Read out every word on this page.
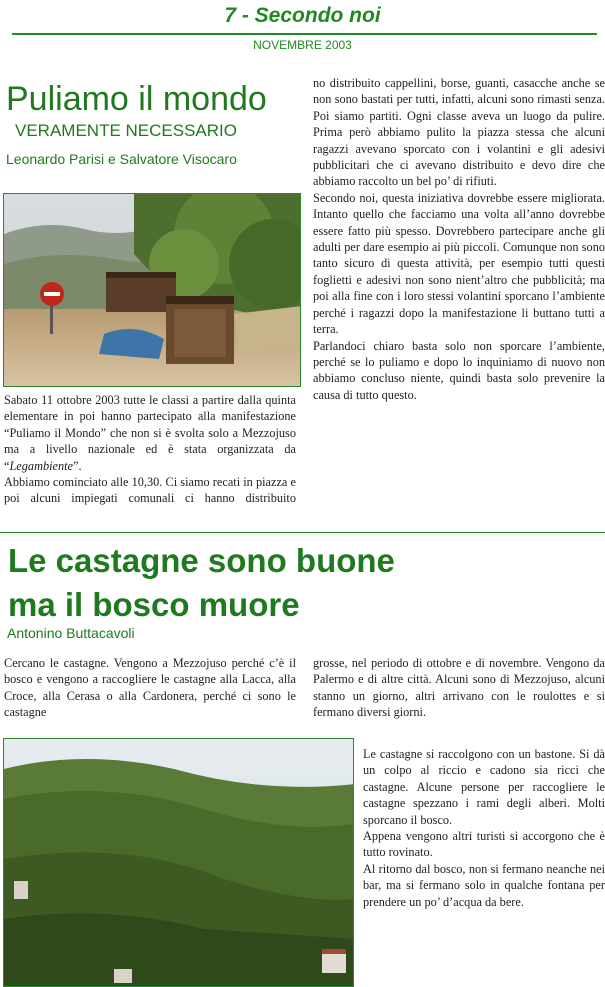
7 - Secondo noi
NOVEMBRE 2003
Puliamo il mondo
VERAMENTE NECESSARIO
Leonardo Parisi e Salvatore Visocaro

Sabato 11 ottobre 2003 tutte le classi a partire dalla quinta elementare in poi hanno partecipato alla manifestazione “Puliamo il Mondo” che non si è svolta solo a Mezzojuso ma a livello nazionale ed è stata organizzata da “Legambiente”.

Abbiamo cominciato alle 10,30. Ci siamo recati in piazza e poi alcuni impiegati comunali ci hanno distribuito

no distribuito cappellini, borse, guanti, casacche anche se non sono bastati per tutti, infatti, alcuni sono rimasti senza. Poi siamo partiti. Ogni classe aveva un luogo da pulire. Prima però abbiamo pulito la piazza stessa che alcuni ragazzi avevano sporcato con i volantini e gli adesivi pubblicitari che ci avevano distribuito e devo dire che abbiamo raccolto un bel po’ di rifiuti.

Secondo noi, questa iniziativa dovrebbe essere migliorata. Intanto quello che facciamo una volta all’anno dovrebbe essere fatto più spesso. Dovrebbero partecipare anche gli adulti per dare esempio ai più piccoli. Comunque non sono tanto sicuro di questa attività, per esempio tutti questi foglietti e adesivi non sono nient’altro che pubblicità; ma poi alla fine con i loro stessi volantini sporcano l’ambiente perché i ragazzi dopo la manifestazione li buttano tutti a terra.

Parlandoci chiaro basta solo non sporcare l’ambiente, perché se lo puliamo e dopo lo inquiniamo di nuovo non abbiamo concluso niente, quindi basta solo prevenire la causa di tutto questo.

Le castagne sono buone
ma il bosco muore
Antonino Buttacavoli

Cercano le castagne. Vengono a Mezzojuso perché c’è il bosco e vengono a raccogliere le castagne alla Lacca, alla Croce, alla Cerasa o alla Cardonera, perché ci sono le castagne

grosse, nel periodo di ottobre e di novembre. Vengono da Palermo e di altre città. Alcuni sono di Mezzojuso, alcuni stanno un giorno, altri arrivano con le roulottes e si fermano diversi giorni.

Le castagne si raccolgono con un bastone. Si dà un colpo al riccio e cadono sia ricci che castagne. Alcune persone per raccogliere le castagne spezzano i rami degli alberi. Molti sporcano il bosco.

Appena vengono altri turisti si accorgono che è tutto rovinato.

Al ritorno dal bosco, non si fermano neanche nei bar, ma si fermano solo in qualche fontana per prendere un po’ d’acqua da bere.
